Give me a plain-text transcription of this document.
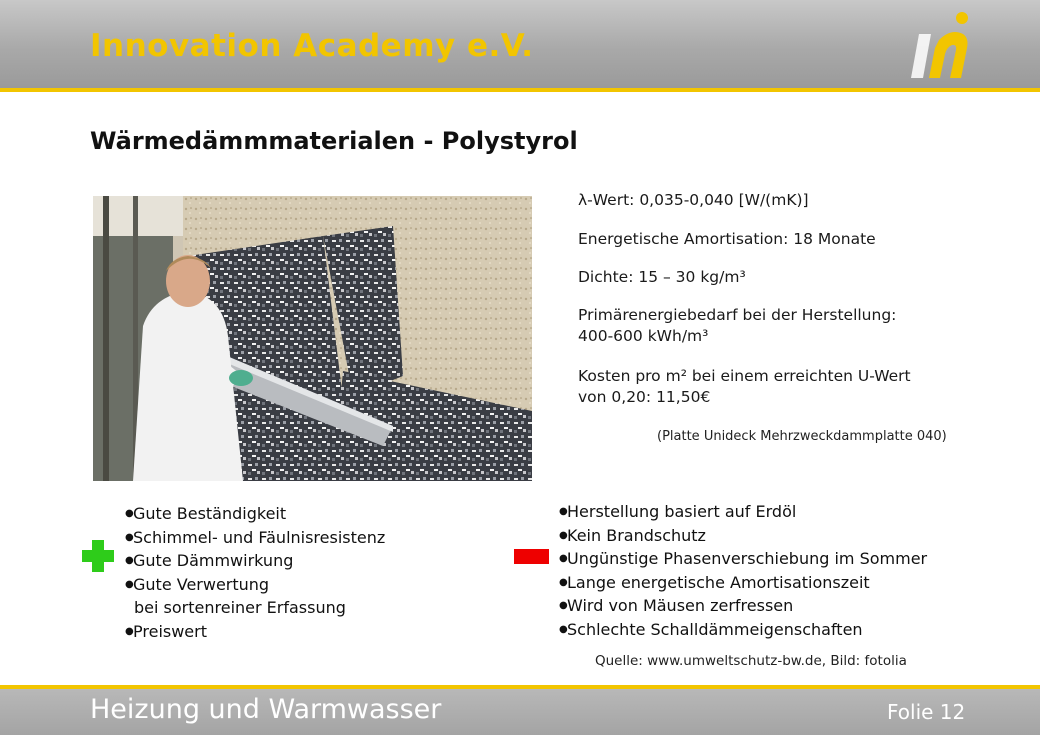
Innovation Academy e.V.
Wärmedämmmaterialen - Polystyrol
λ-Wert: 0,035-0,040 [W/(mK)]
Energetische Amortisation: 18 Monate
Dichte: 15 – 30 kg/m³
Primärenergiebedarf bei der Herstellung:
400-600 kWh/m³
Kosten pro m² bei einem erreichten U-Wert
von 0,20: 11,50€
(Platte Unideck Mehrzweckdammplatte 040)
● Gute Beständigkeit
● Schimmel- und Fäulnisresistenz
● Gute Dämmwirkung
● Gute Verwertung
bei sortenreiner Erfassung
● Preiswert
● Herstellung basiert auf Erdöl
● Kein Brandschutz
● Ungünstige Phasenverschiebung im Sommer
● Lange energetische Amortisationszeit
● Wird von Mäusen zerfressen
● Schlechte Schalldämmeigenschaften
Quelle: www.umweltschutz-bw.de, Bild: fotolia
Heizung und Warmwasser	Folie 12
